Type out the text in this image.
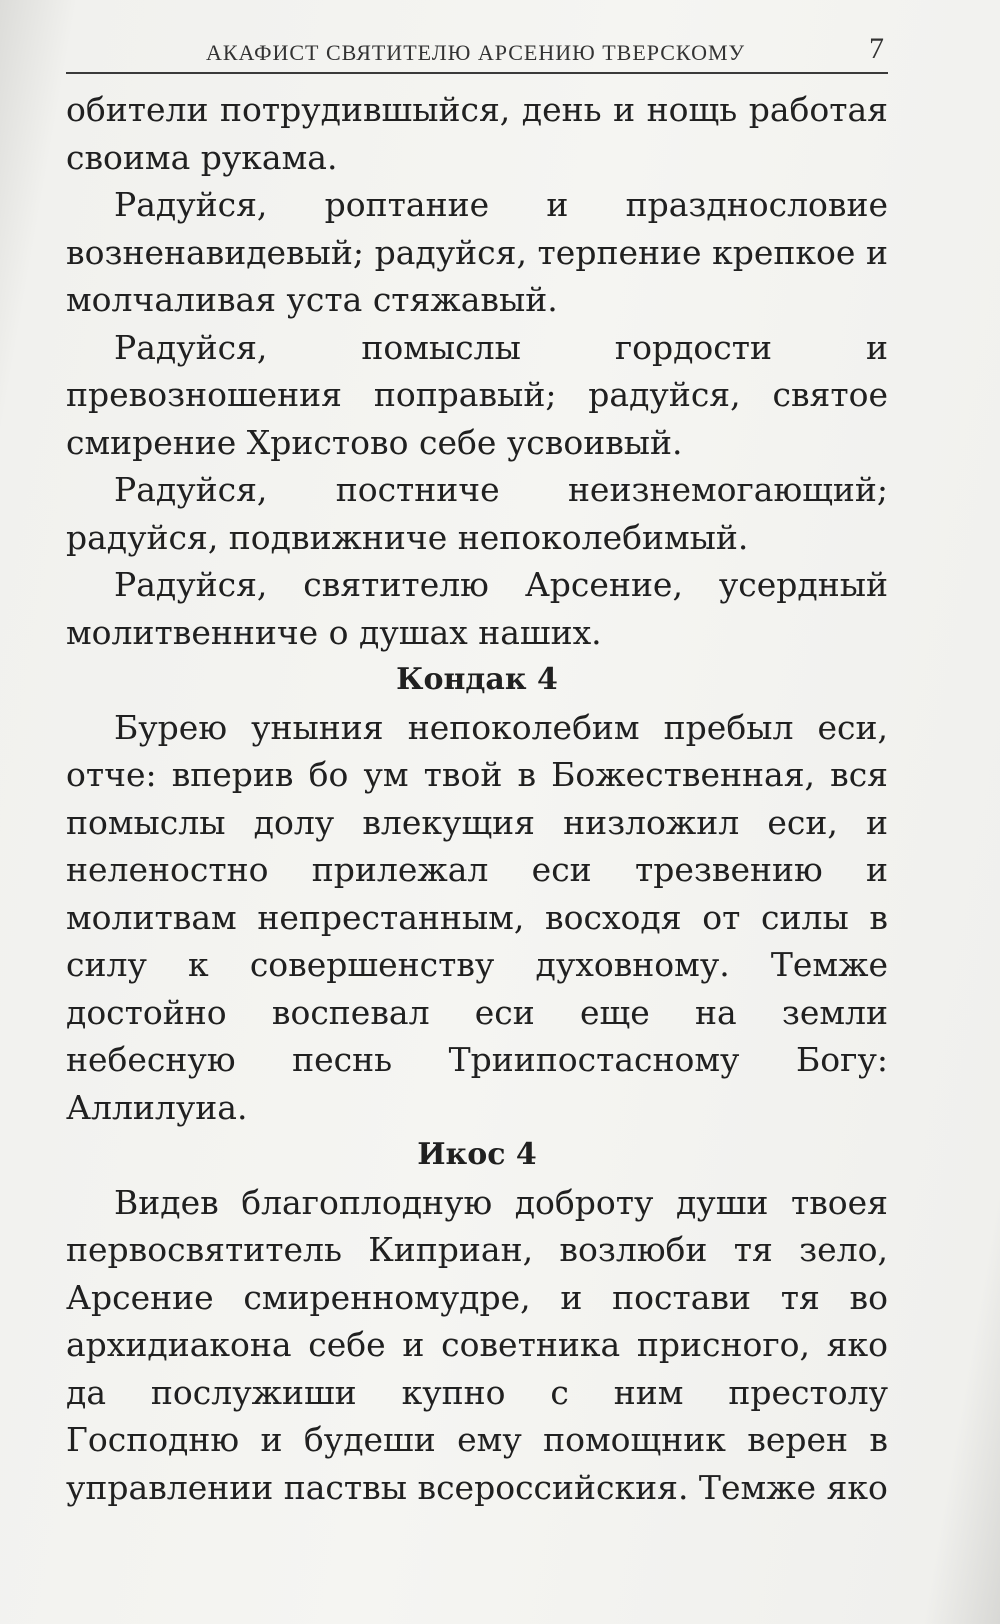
АКАФИСТ СВЯТИТЕЛЮ АРСЕНИЮ ТВЕРСКОМУ	7

обители потрудившыйся, день и нощь работая своима рукама.

Радуйся, роптание и празднословие возненавидевый; радуйся, терпение крепкое и молчаливая уста стяжавый.

Радуйся, помыслы гордости и превозношения поправый; радуйся, святое смирение Христово себе усвоивый.

Радуйся, постниче неизнемогающий; радуйся, подвижниче непоколебимый.

Радуйся, святителю Арсение, усердный молитвенниче о душах наших.

Кондак 4

Бурею уныния непоколебим пребыл еси, отче: вперив бо ум твой в Божественная, вся помыслы долу влекущия низложил еси, и неленостно прилежал еси трезвению и молитвам непрестанным, восходя от силы в силу к совершенству духовному. Темже достойно воспевал еси еще на земли небесную песнь Триипостасному Богу: Аллилуиа.

Икос 4

Видев благоплодную доброту души твоея первосвятитель Киприан, возлюби тя зело, Арсение смиренномудре, и постави тя во архидиакона себе и советника присного, яко да послужиши купно с ним престолу Господню и будеши ему помощник верен в управлении паствы всероссийския. Темже яко
